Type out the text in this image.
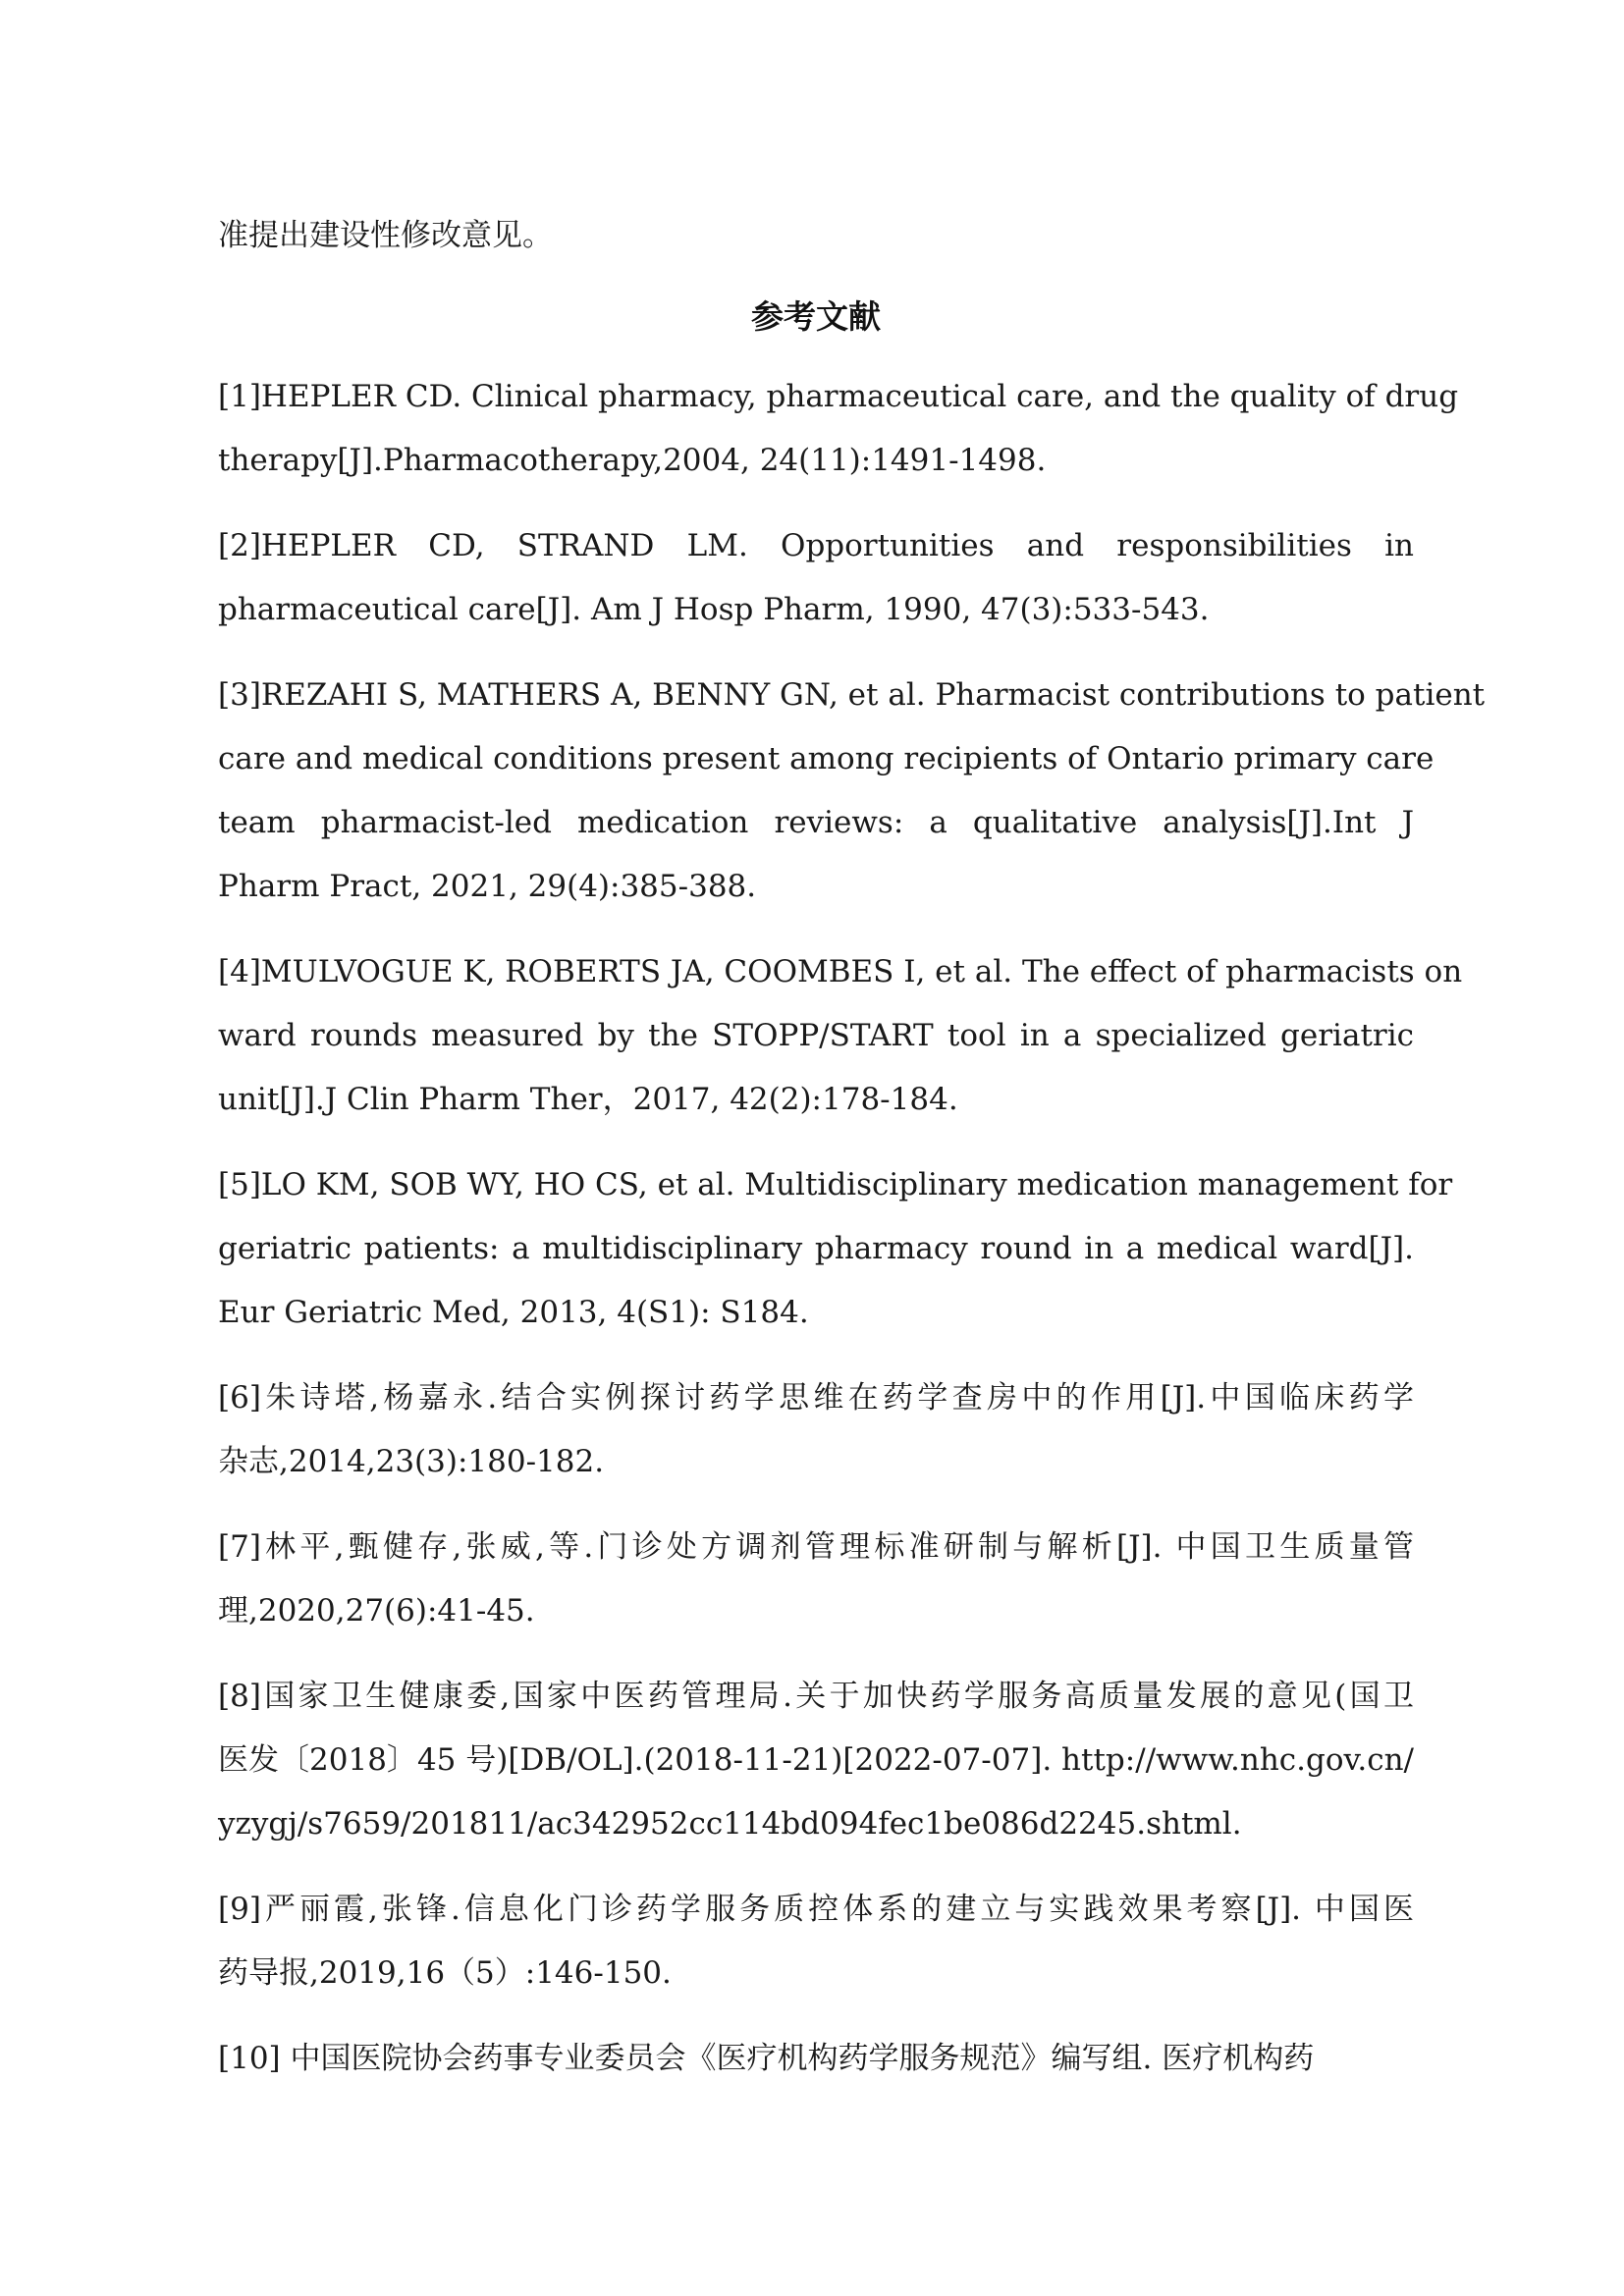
准提出建设性修改意见。

参考文献
[1]HEPLER CD. Clinical pharmacy, pharmaceutical care, and the quality of drug
therapy[J].Pharmacotherapy,2004, 24(11):1491-1498.
[2]HEPLER CD, STRAND LM. Opportunities and responsibilities in
pharmaceutical care[J]. Am J Hosp Pharm, 1990, 47(3):533-543.
[3]REZAHI S, MATHERS A, BENNY GN, et al. Pharmacist contributions to patient
care and medical conditions present among recipients of Ontario primary care
team pharmacist-led medication reviews: a qualitative analysis[J].Int J
Pharm Pract, 2021, 29(4):385-388.
[4]MULVOGUE K, ROBERTS JA, COOMBES I, et al. The effect of pharmacists on
ward rounds measured by the STOPP/START tool in a specialized geriatric
unit[J].J Clin Pharm Ther，2017, 42(2):178-184.
[5]LO KM, SOB WY, HO CS, et al. Multidisciplinary medication management for
geriatric patients: a multidisciplinary pharmacy round in a medical ward[J].
Eur Geriatric Med, 2013, 4(S1): S184.
[6]朱诗塔,杨嘉永.结合实例探讨药学思维在药学查房中的作用[J].中国临床药学
杂志,2014,23(3):180-182.
[7]林平,甄健存,张威,等.门诊处方调剂管理标准研制与解析[J]. 中国卫生质量管
理,2020,27(6):41-45.
[8]国家卫生健康委,国家中医药管理局.关于加快药学服务高质量发展的意见(国卫
医发〔2018〕45 号)[DB/OL].(2018-11-21)[2022-07-07]. http://www.nhc.gov.cn/
yzygj/s7659/201811/ac342952cc114bd094fec1be086d2245.shtml.
[9]严丽霞,张锋.信息化门诊药学服务质控体系的建立与实践效果考察[J]. 中国医
药导报,2019,16（5）:146-150.
[10] 中国医院协会药事专业委员会《医疗机构药学服务规范》编写组. 医疗机构药
